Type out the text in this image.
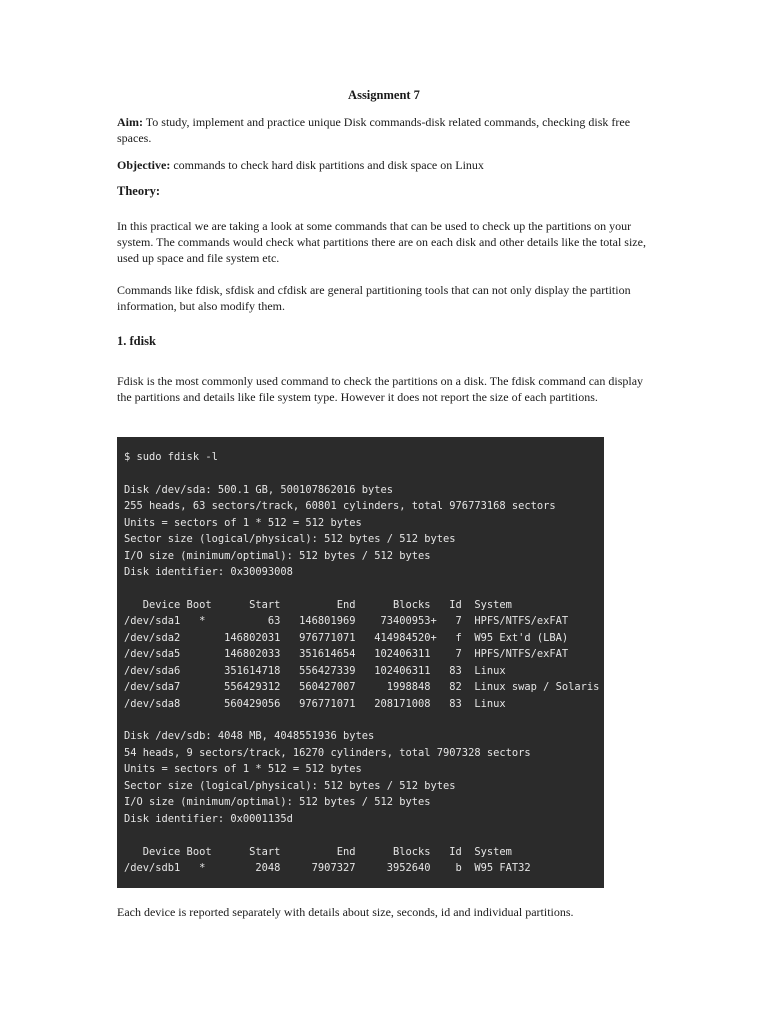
Assignment 7
Aim: To study, implement and practice unique Disk commands-disk related commands, checking disk free spaces.
Objective: commands to check hard disk partitions and disk space on Linux
Theory:
In this practical we are taking a look at some commands that can be used to check up the partitions on your system. The commands would check what partitions there are on each disk and other details like the total size, used up space and file system etc.
Commands like fdisk, sfdisk and cfdisk are general partitioning tools that can not only display the partition information, but also modify them.
1. fdisk
Fdisk is the most commonly used command to check the partitions on a disk. The fdisk command can display the partitions and details like file system type. However it does not report the size of each partitions.
$ sudo fdisk -l
Disk /dev/sda: 500.1 GB, 500107862016 bytes
255 heads, 63 sectors/track, 60801 cylinders, total 976773168 sectors
Units = sectors of 1 * 512 = 512 bytes
Sector size (logical/physical): 512 bytes / 512 bytes
I/O size (minimum/optimal): 512 bytes / 512 bytes
Disk identifier: 0x30093008
Device Boot      Start         End      Blocks   Id  System
/dev/sda1   *          63   146801969    73400953+   7  HPFS/NTFS/exFAT
/dev/sda2       146802031   976771071   414984520+   f  W95 Ext'd (LBA)
/dev/sda5       146802033   351614654   102406311    7  HPFS/NTFS/exFAT
/dev/sda6       351614718   556427339   102406311   83  Linux
/dev/sda7       556429312   560427007     1998848   82  Linux swap / Solaris
/dev/sda8       560429056   976771071   208171008   83  Linux
Disk /dev/sdb: 4048 MB, 4048551936 bytes
54 heads, 9 sectors/track, 16270 cylinders, total 7907328 sectors
Units = sectors of 1 * 512 = 512 bytes
Sector size (logical/physical): 512 bytes / 512 bytes
I/O size (minimum/optimal): 512 bytes / 512 bytes
Disk identifier: 0x0001135d
Device Boot      Start         End      Blocks   Id  System
/dev/sdb1   *        2048     7907327     3952640    b  W95 FAT32
Each device is reported separately with details about size, seconds, id and individual partitions.
